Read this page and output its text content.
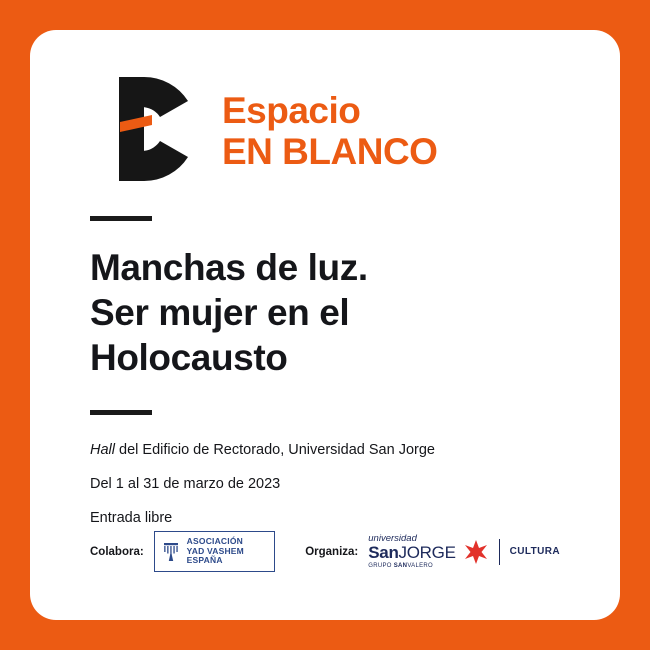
Espacio
EN BLANCO
Manchas de luz.
Ser mujer en el
Holocausto
Hall del Edificio de Rectorado, Universidad San Jorge
Del 1 al 31 de marzo de 2023
Entrada libre
Colabora:
ASOCIACIÓN
YAD VASHEM ESPAÑA
Organiza:
universidad
SanJORGE
GRUPO SANVALERO
CULTURA
